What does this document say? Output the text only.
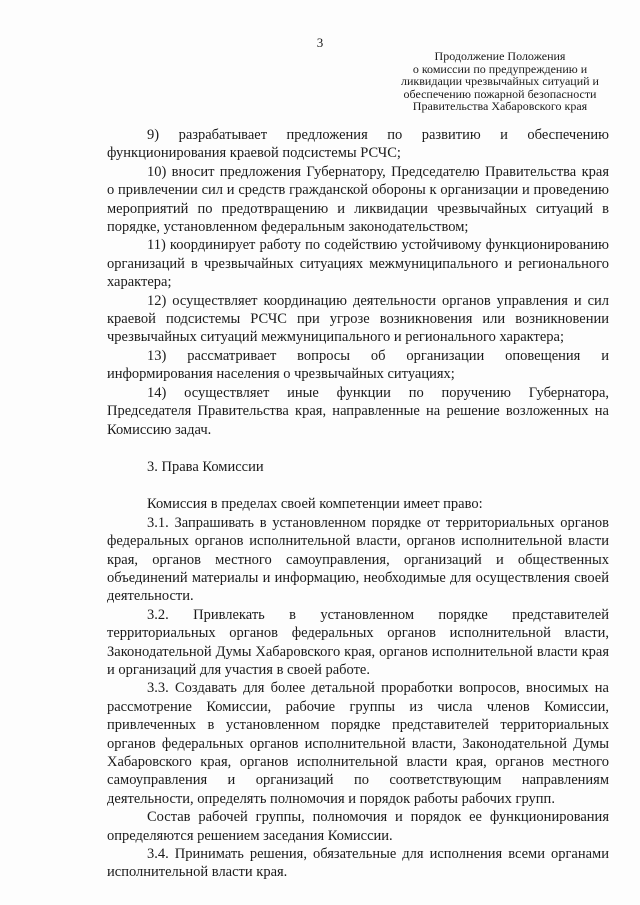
3
Продолжение Положения
о комиссии по предупреждению и
ликвидации чрезвычайных ситуаций и
обеспечению пожарной безопасности
Правительства Хабаровского края

9) разрабатывает предложения по развитию и обеспечению функционирования краевой подсистемы РСЧС;

10) вносит предложения Губернатору, Председателю Правительства края о привлечении сил и средств гражданской обороны к организации и проведению мероприятий по предотвращению и ликвидации чрезвычайных ситуаций в порядке, установленном федеральным законодательством;

11) координирует работу по содействию устойчивому функционированию организаций в чрезвычайных ситуациях межмуниципального и регионального характера;

12) осуществляет координацию деятельности органов управления и сил краевой подсистемы РСЧС при угрозе возникновения или возникновении чрезвычайных ситуаций межмуниципального и регионального характера;

13) рассматривает вопросы об организации оповещения и информирования населения о чрезвычайных ситуациях;

14) осуществляет иные функции по поручению Губернатора, Председателя Правительства края, направленные на решение возложенных на Комиссию задач.

3. Права Комиссии

Комиссия в пределах своей компетенции имеет право:

3.1. Запрашивать в установленном порядке от территориальных органов федеральных органов исполнительной власти, органов исполнительной власти края, органов местного самоуправления, организаций и общественных объединений материалы и информацию, необходимые для осуществления своей деятельности.

3.2. Привлекать в установленном порядке представителей территориальных органов федеральных органов исполнительной власти, Законодательной Думы Хабаровского края, органов исполнительной власти края и организаций для участия в своей работе.

3.3. Создавать для более детальной проработки вопросов, вносимых на рассмотрение Комиссии, рабочие группы из числа членов Комиссии, привлеченных в установленном порядке представителей территориальных органов федеральных органов исполнительной власти, Законодательной Думы Хабаровского края, органов исполнительной власти края, органов местного самоуправления и организаций по соответствующим направлениям деятельности, определять полномочия и порядок работы рабочих групп.

Состав рабочей группы, полномочия и порядок ее функционирования определяются решением заседания Комиссии.

3.4. Принимать решения, обязательные для исполнения всеми органами исполнительной власти края.
